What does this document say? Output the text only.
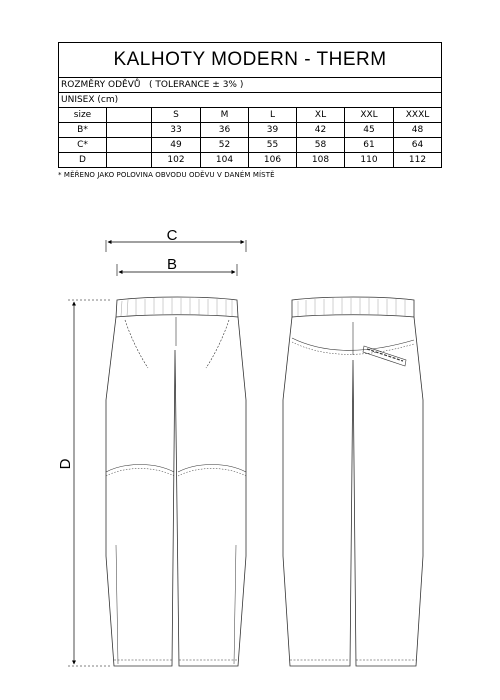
KALHOTY MODERN - THERM							
ROZMĚRY ODĚVŮ ( TOLERANCE ± 3% )							
UNISEX (cm)							
size		S	M	L	XL	XXL	XXXL
B*		33	36	39	42	45	48
C*		49	52	55	58	61	64
D		102	104	106	108	110	112
* MĚŘENO JAKO POLOVINA OBVODU ODĚVU V DANÉM MÍSTĚ
C
B
D
